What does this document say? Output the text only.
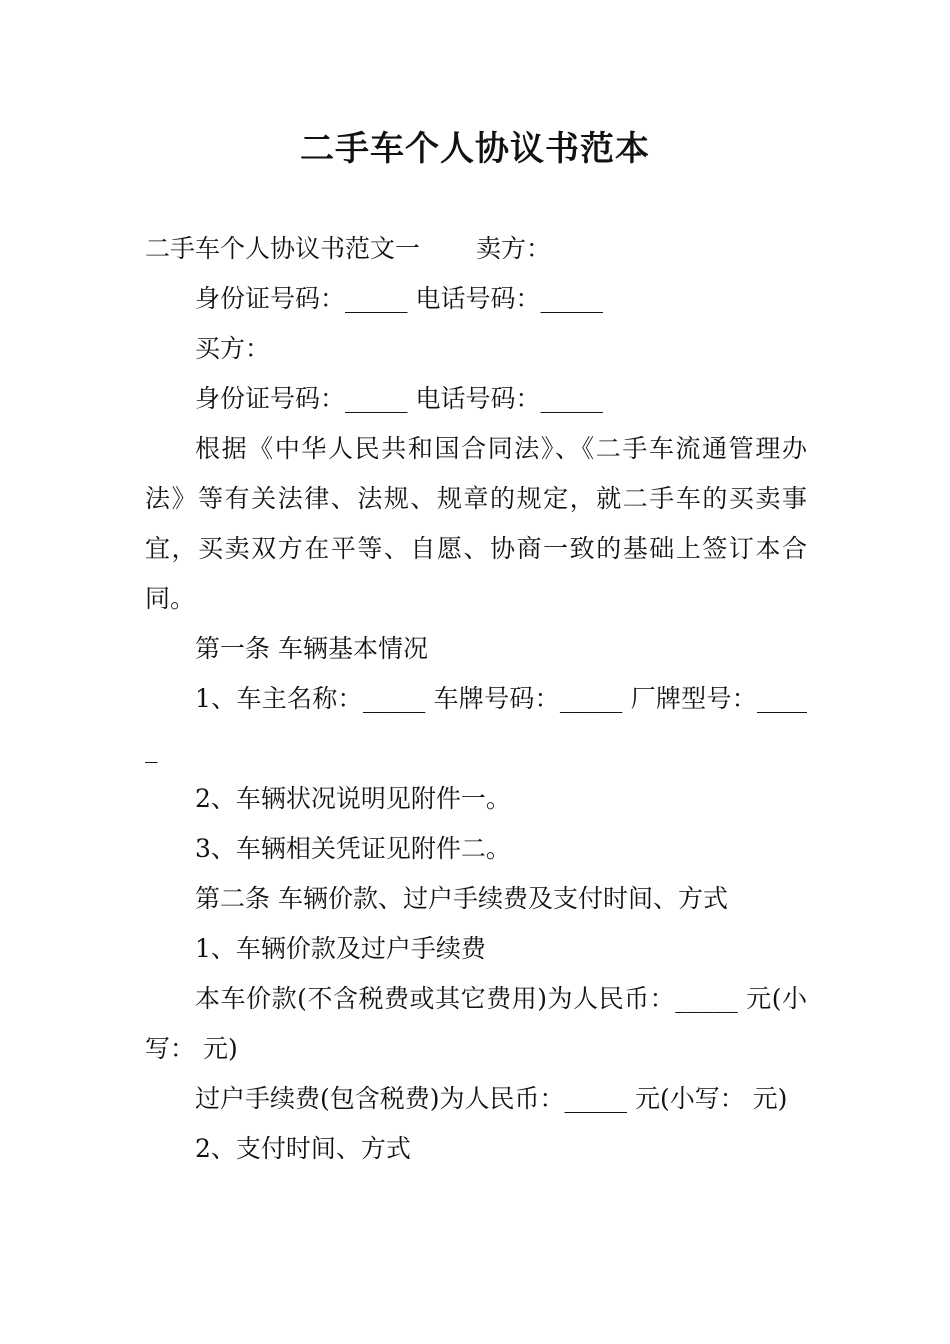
二手车个人协议书范本

二手车个人协议书范文一 卖方：

身份证号码：_____ 电话号码：_____

买方：

身份证号码：_____ 电话号码：_____

根据《中华人民共和国合同法》、《二手车流通管理办法》等有关法律、法规、规章的规定，就二手车的买卖事宜，买卖双方在平等、自愿、协商一致的基础上签订本合同。

第一条 车辆基本情况

1、车主名称：_____ 车牌号码：_____ 厂牌型号：_____

2、车辆状况说明见附件一。

3、车辆相关凭证见附件二。

第二条 车辆价款、过户手续费及支付时间、方式

1、车辆价款及过户手续费

本车价款(不含税费或其它费用)为人民币：_____ 元(小写： 元)

过户手续费(包含税费)为人民币：_____ 元(小写： 元)

2、支付时间、方式
